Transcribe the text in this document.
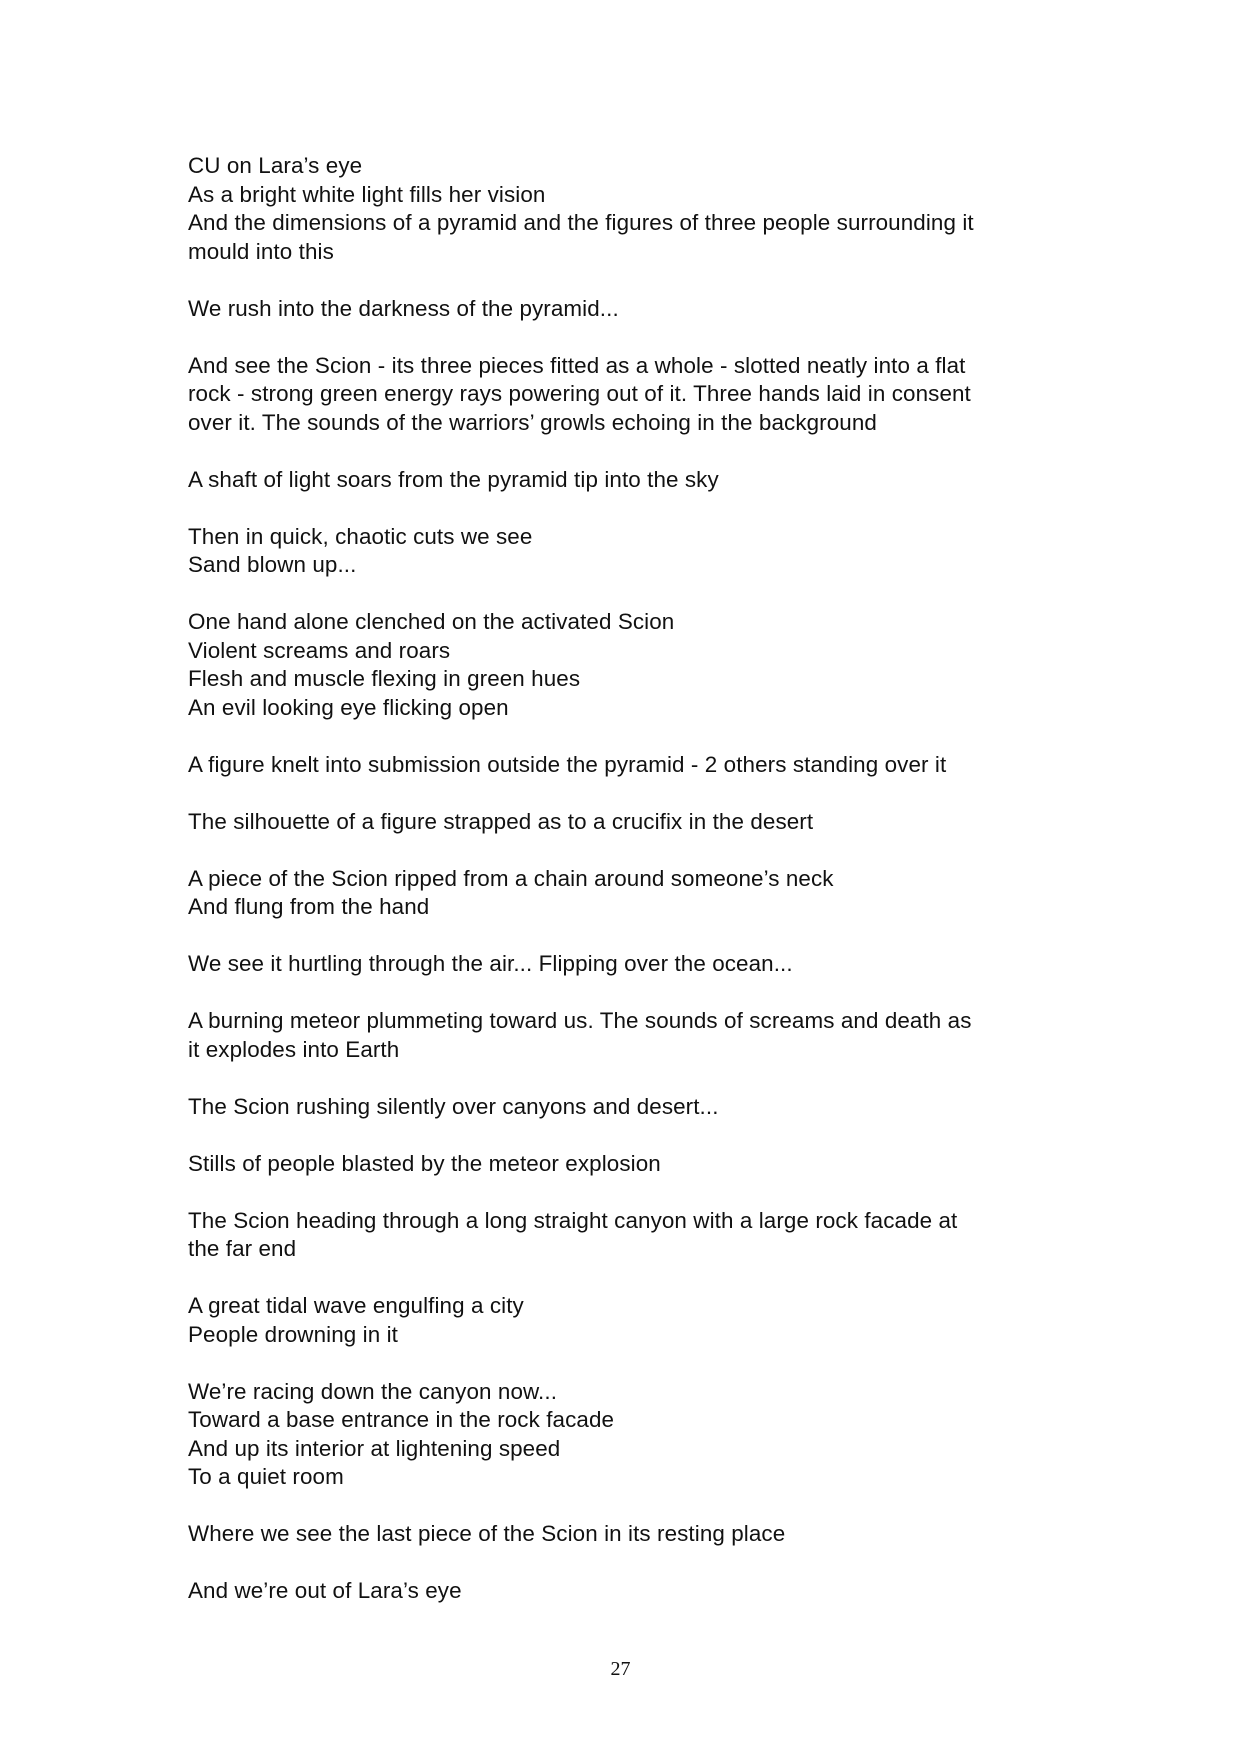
CU on Lara’s eye
As a bright white light fills her vision
And the dimensions of a pyramid and the figures of three people surrounding it
mould into this
We rush into the darkness of the pyramid...
And see the Scion - its three pieces fitted as a whole - slotted neatly into a flat
rock - strong green energy rays powering out of it. Three hands laid in consent
over it. The sounds of the warriors’ growls echoing in the background
A shaft of light soars from the pyramid tip into the sky
Then in quick, chaotic cuts we see
Sand blown up...
One hand alone clenched on the activated Scion
Violent screams and roars
Flesh and muscle flexing in green hues
An evil looking eye flicking open
A figure knelt into submission outside the pyramid - 2 others standing over it
The silhouette of a figure strapped as to a crucifix in the desert
A piece of the Scion ripped from a chain around someone’s neck
And flung from the hand
We see it hurtling through the air... Flipping over the ocean...
A burning meteor plummeting toward us. The sounds of screams and death as
it explodes into Earth
The Scion rushing silently over canyons and desert...
Stills of people blasted by the meteor explosion
The Scion heading through a long straight canyon with a large rock facade at
the far end
A great tidal wave engulfing a city
People drowning in it
We’re racing down the canyon now...
Toward a base entrance in the rock facade
And up its interior at lightening speed
To a quiet room
Where we see the last piece of the Scion in its resting place
And we’re out of Lara’s eye
27
